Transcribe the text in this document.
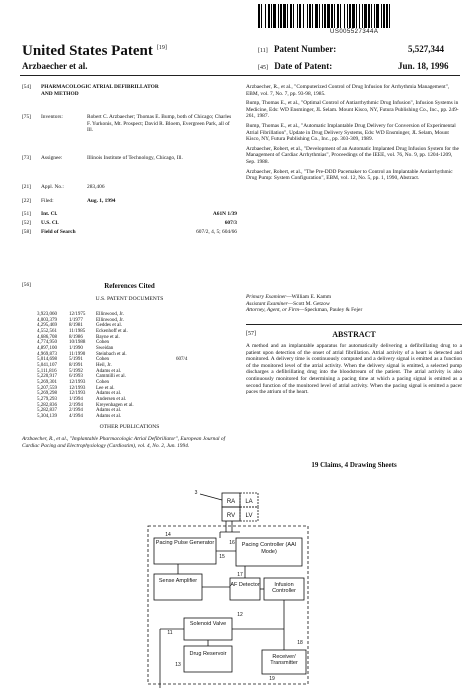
US005527344A
United States Patent [19]
Arzbaecher et al.
[11] Patent Number:	5,527,344
[45] Date of Patent:	Jun. 18, 1996
[54] PHARMACOLOGIC ATRIAL DEFIBRILLATOR AND METHOD
[75] Inventors:	Robert C. Arzbaecher; Thomas E. Bump, both of Chicago; Charles F. Yurkonis, Mt. Prospect; David R. Bloem, Evergreen Park, all of Ill.
[73] Assignee:	Illinois Institute of Technology, Chicago, Ill.
[21] Appl. No.:	283,406
[22] Filed:	Aug. 1, 1994
[51] Int. Cl.	A61N 1/39
[52] U.S. Cl.	607/3
[58] Field of Search	607/2, 4, 5; 604/66
[56]	References Cited
U.S. PATENT DOCUMENTS
3,923,060	12/1975	Ellinwood, Jr.
4,003,379	1/1977	Ellinwood, Jr.
4,295,469	8/1981	Geddes et al.
4,552,561	11/1985	Eckenhoff et al.
4,686,708	8/1986	Bayne et al.
4,774,950	10/1988	Cohen
4,897,100	1/1990	Sweidan
4,969,873	11/1990	Steinbach et al.
5,014,698	5/1991	Cohen	607/4
5,041,107	8/1991	Heil, Jr.
5,111,816	5/1992	Adams et al.
5,220,917	6/1993	Cammilli et al.
5,269,301	12/1993	Cohen
5,207,559	12/1993	Lee et al.
5,269,298	12/1993	Adams et al.
5,279,293	1/1994	Andersen et al.
5,282,836	2/1994	Kreyenhagen et al.
5,282,837	2/1994	Adams et al.
5,304,139	4/1994	Adams et al.
OTHER PUBLICATIONS
Arzbaecher, R., et al., "Implantable Pharmacologic Atrial Defibrillator", European Journal of Cardiac Pacing and Electrophysiology (Cardiostim), vol. 4, No. 2, Jun. 1994.

Arzbaecher, R., et al., "Computerized Control of Drug Infusion for Arrhythmia Management", EBM, vol. 7, No. 7, pp. 93-98, 1985.

Bump, Thomas E., et al., "Optimal Control of Antiarrhythmic Drug Infusion", Infusion Systems in Medicine, Eds: WD Ensminger, JL Selam. Mount Kisco, NY, Futura Publishing Co., Inc., pp. 249-261, 1987.

Bump, Thomas E., et al., "Automatic Implantable Drug Delivery for Conversion of Experimental Atrial Fibrillation", Update in Drug Delivery Systems, Eds: WD Ensminger, JL Selam, Mount Kisco, NY, Futura Publishing Co., Inc., pp. 303-309, 1989.

Arzbaecher, Robert, et al., "Development of an Automatic Implanted Drug Infusion System for the Management of Cardiac Arrhythmias", Proceedings of the IEEE, vol. 76, No. 9, pp. 1204-1209, Sep. 1988.

Arzbaecher, Robert, et al., "The Pre-DDD Pacemaker to Control an Implantable Antiarrhythmic Drug Pump: System Configuration", EBM, vol. 12, No. 5, pp. 1, 1990, Abstract.

Primary Examiner—William E. Kamm
Assistant Examiner—Scott M. Getzow
Attorney, Agent, or Firm—Speckman, Pauley & Fejer
[57]	ABSTRACT
A method and an implantable apparatus for automatically delivering a defibrillating drug to a patient upon detection of the onset of atrial fibrillation. Atrial activity of a heart is detected and monitored. A delivery time is continuously computed and a delivery signal is emitted as a function of the monitored level of the atrial activity. When the delivery signal is emitted, a selected pump discharges a defibrillating drug into the bloodstream of the patient. The atrial activity is also continuously monitored for determining a pacing time at which a pacing signal is emitted as a second function of the monitored level of atrial activity. When the pacing signal is emitted a pacer paces the atrium of the heart.
19 Claims, 4 Drawing Sheets
RA
RV
LA
LV
3
Pacing Pulse Generator
Sense Amplifier
Pacing Controller (AAI Mode)
AF Detector	Infusion Controller
Solenoid Valve
Drug Reservoir	Receiver/ Transmitter
11
12
13
14
15
16
17
18
19
